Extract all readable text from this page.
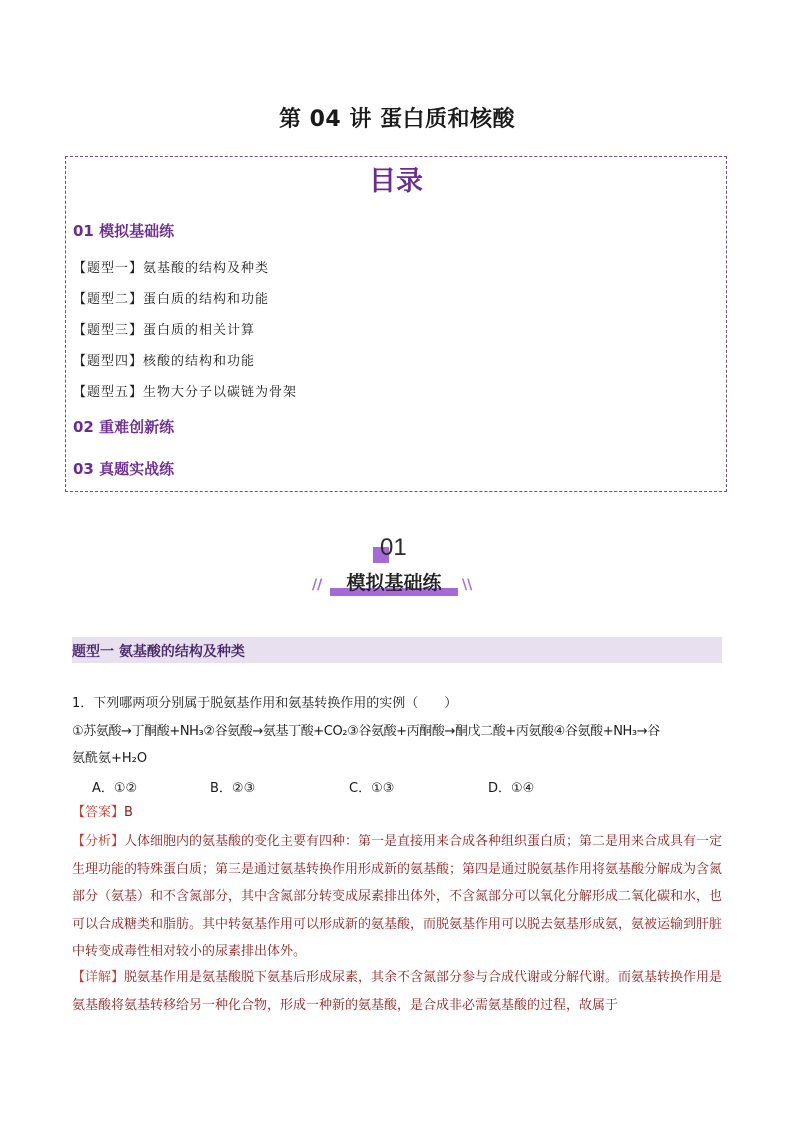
第 04 讲 蛋白质和核酸
目录
01 模拟基础练
【题型一】氨基酸的结构及种类
【题型二】蛋白质的结构和功能
【题型三】蛋白质的相关计算
【题型四】核酸的结构和功能
【题型五】生物大分子以碳链为骨架
02 重难创新练
03 真题实战练
01
模拟基础练
//	\\
题型一 氨基酸的结构及种类
1．下列哪两项分别属于脱氨基作用和氨基转换作用的实例（　　）
①苏氨酸→丁酮酸+NH₃②谷氨酸→氨基丁酸+CO₂③谷氨酸+丙酮酸→酮戊二酸+丙氨酸④谷氨酸+NH₃→谷
氨酰氨+H₂O
A．①②	B．②③	C．①③	D．①④
【答案】B
【分析】人体细胞内的氨基酸的变化主要有四种：第一是直接用来合成各种组织蛋白质；第二是用来合成具有一定生理功能的特殊蛋白质；第三是通过氨基转换作用形成新的氨基酸；第四是通过脱氨基作用将氨基酸分解成为含氮部分（氨基）和不含氮部分，其中含氮部分转变成尿素排出体外，不含氮部分可以氧化分解形成二氧化碳和水，也可以合成糖类和脂肪。其中转氨基作用可以形成新的氨基酸，而脱氨基作用可以脱去氨基形成氨，氨被运输到肝脏中转变成毒性相对较小的尿素排出体外。
【详解】脱氨基作用是氨基酸脱下氨基后形成尿素，其余不含氮部分参与合成代谢或分解代谢。而氨基转换作用是氨基酸将氨基转移给另一种化合物，形成一种新的氨基酸，是合成非必需氨基酸的过程，故属于
